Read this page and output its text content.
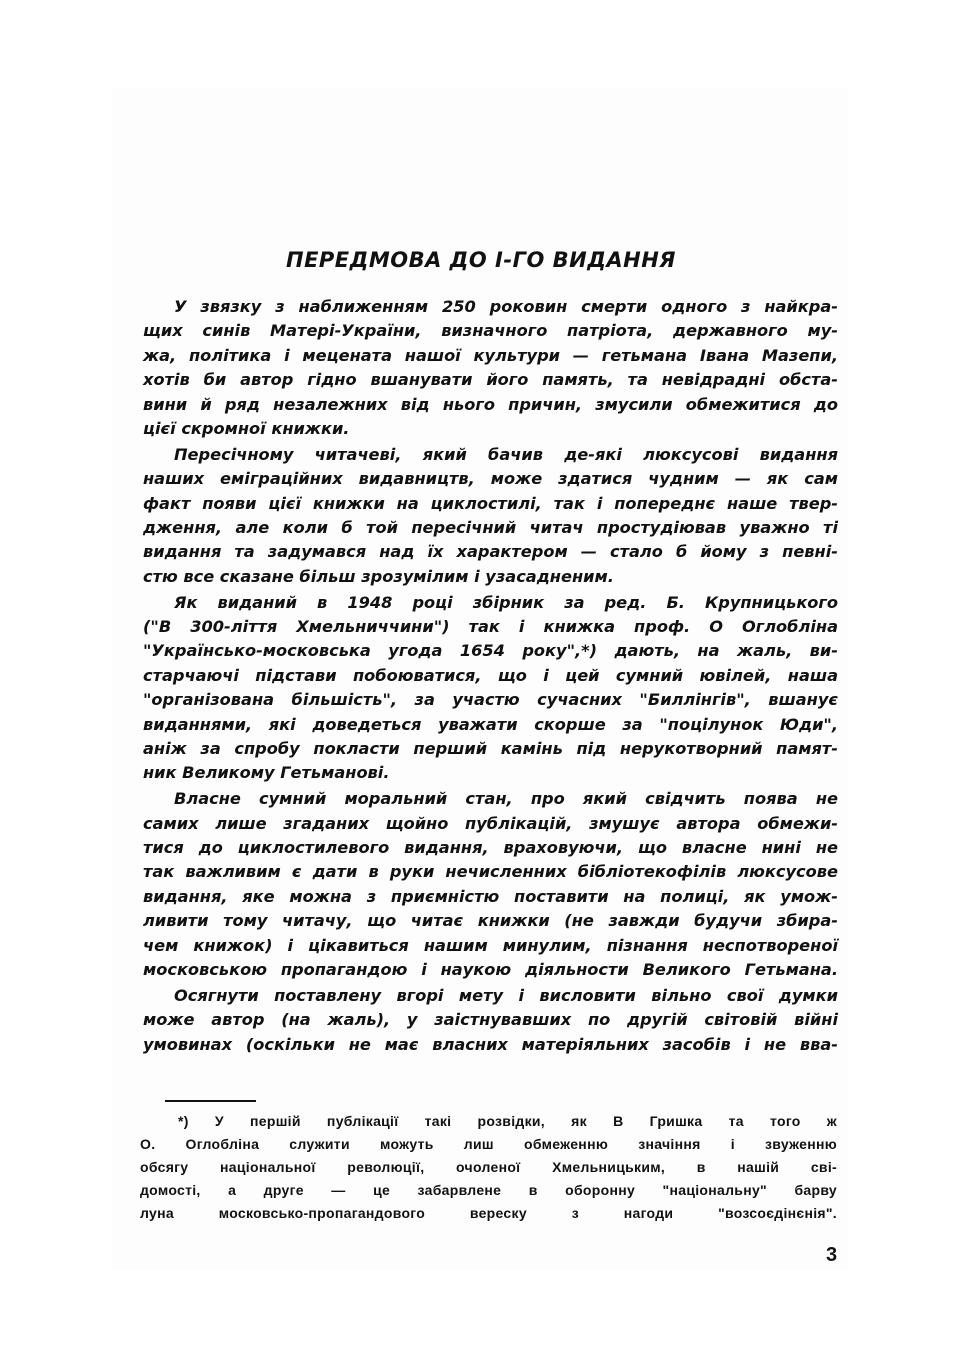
ПЕРЕДМОВА ДО І-ГО ВИДАННЯ

У звязку з наближенням 250 роковин смерти одного з найкра-
щих синів Матері-України, визначного патріота, державного му-
жа, політика і мецената нашої культури — гетьмана Івана Мазепи,
хотів би автор гідно вшанувати його память, та невідрадні обста-
вини й ряд незалежних від нього причин, змусили обмежитися до
цієї скромної книжки.

Пересічному читачеві, який бачив де-які люксусові видання
наших еміграційних видавництв, може здатися чудним — як сам
факт появи цієї книжки на циклостилі, так і попереднє наше твер-
дження, але коли б той пересічний читач простудіював уважно ті
видання та задумався над їх характером — стало б йому з певні-
стю все сказане більш зрозумілим і узасадненим.

Як виданий в 1948 році збірник за ред. Б. Крупницького
("В 300-ліття Хмельниччини") так і книжка проф. О Оглобліна
"Українсько-московська угода 1654 року",*) дають, на жаль, ви-
старчаючі підстави побоюватися, що і цей сумний ювілей, наша
"організована більшість", за участю сучасних "Биллінгів", вшанує
виданнями, які доведеться уважати скорше за "поцілунок Юди",
аніж за спробу покласти перший камінь під нерукотворний памят-
ник Великому Гетьманові.

Власне сумний моральний стан, про який свідчить поява не
самих лише згаданих щойно публікацій, змушує автора обмежи-
тися до циклостилевого видання, враховуючи, що власне нині не
так важливим є дати в руки нечисленних бібліотекофілів люксусове
видання, яке можна з приємністю поставити на полиці, як умож-
ливити тому читачу, що читає книжки (не завжди будучи збира-
чем книжок) і цікавиться нашим минулим, пізнання неспотвореної
московською пропагандою і наукою діяльности Великого Гетьмана.

Осягнути поставлену вгорі мету і висловити вільно свої думки
може автор (на жаль), у заістнувавших по другій світовій війні
умовинах (оскільки не має власних матеріяльних засобів і не вва-

*) У першій публікації такі розвідки, як В Гришка та того ж
О. Оглобліна служити можуть лиш обмеженню значіння і звуженню
обсягу національної революції, очоленої Хмельницьким, в нашій сві-
домості, а друге — це забарвлене в оборонну "національну" барву
луна московсько-пропагандового вереску з нагоди "возсоєдінєнія".
3
